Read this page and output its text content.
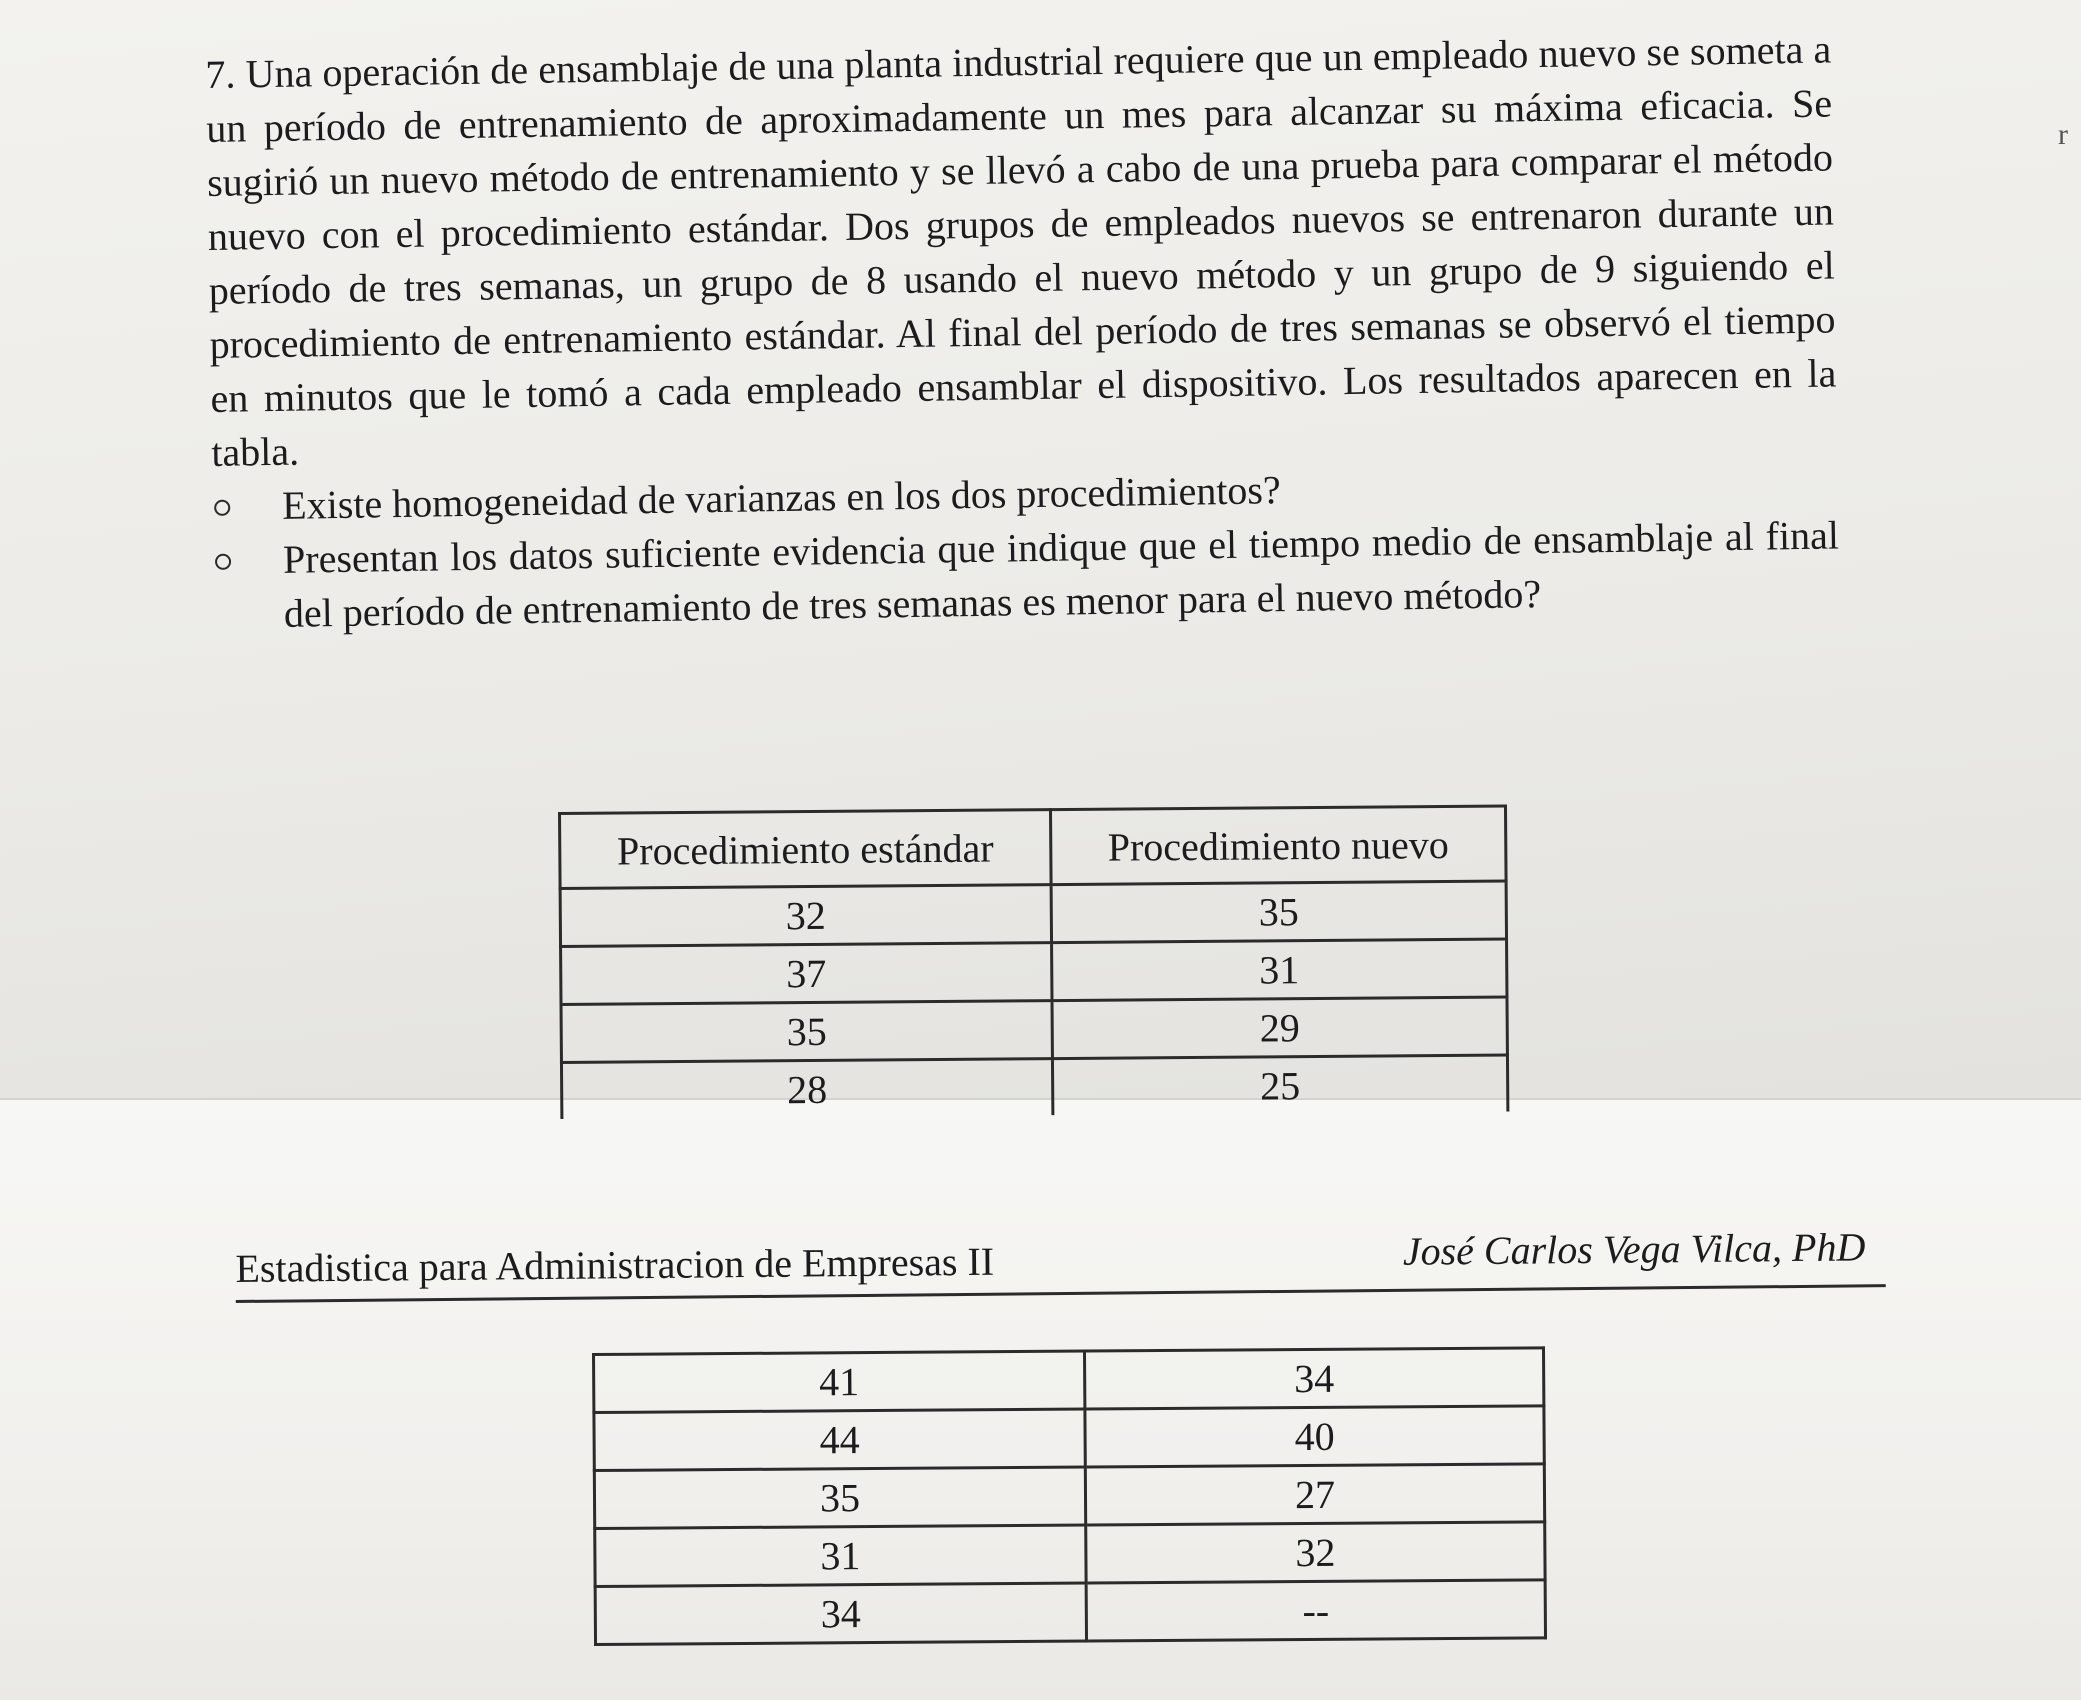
r

7. Una operación de ensamblaje de una planta industrial requiere que un empleado nuevo se someta a un período de entrenamiento de aproximadamente un mes para alcanzar su máxima eficacia. Se sugirió un nuevo método de entrenamiento y se llevó a cabo de una prueba para comparar el método nuevo con el procedimiento estándar. Dos grupos de empleados nuevos se entrenaron durante un período de tres semanas, un grupo de 8 usando el nuevo método y un grupo de 9 siguiendo el procedimiento de entrenamiento estándar. Al final del período de tres semanas se observó el tiempo en minutos que le tomó a cada empleado ensamblar el dispositivo. Los resultados aparecen en la tabla.

Existe homogeneidad de varianzas en los dos procedimientos?
Presentan los datos suficiente evidencia que indique que el tiempo medio de ensamblaje al final del período de entrenamiento de tres semanas es menor para el nuevo método?
Procedimiento estándar	Procedimiento nuevo
32	35
37	31
35	29
28	25
Estadistica para Administracion de Empresas II	José Carlos Vega Vilca, PhD
41	34
44	40
35	27
31	32
34	--
